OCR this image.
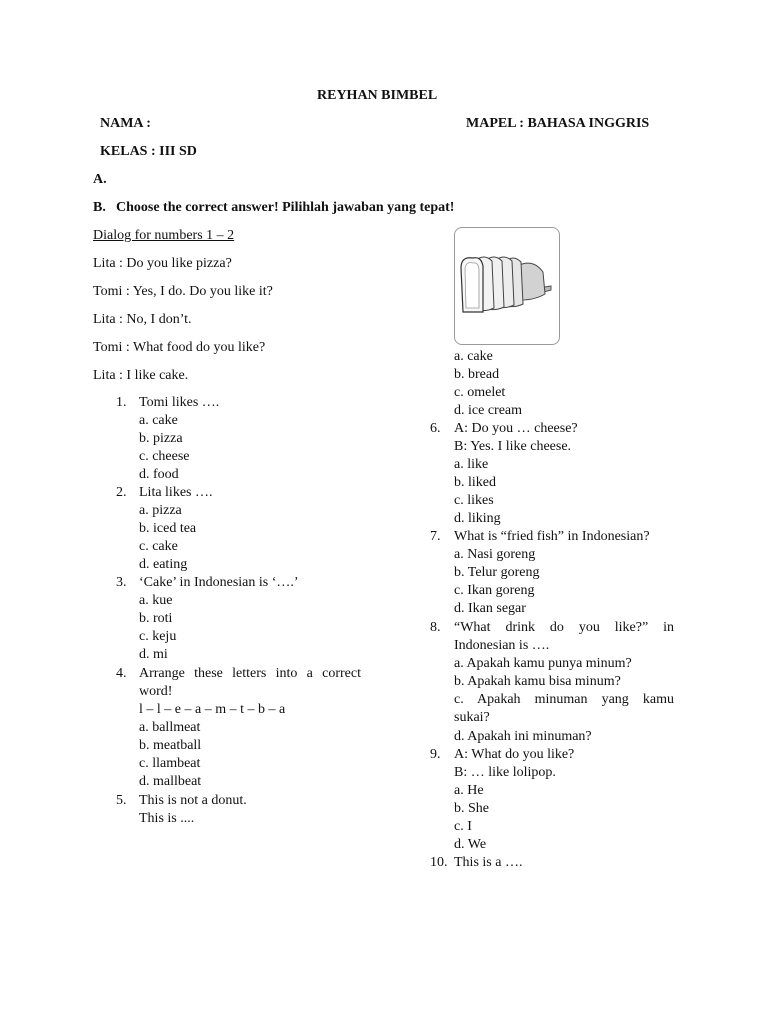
REYHAN BIMBEL
NAMA :	MAPEL : BAHASA INGGRIS
KELAS : III SD
A.
B. Choose the correct answer! Pilihlah jawaban yang tepat!
Dialog for numbers 1 – 2
Lita : Do you like pizza?
Tomi : Yes, I do. Do you like it?
Lita : No, I don’t.
Tomi : What food do you like?
Lita : I like cake.
1. Tomi likes ….
a. cake
b. pizza
c. cheese
d. food
2. Lita likes ….
a. pizza
b. iced tea
c. cake
d. eating
3. ‘Cake’ in Indonesian is ‘….’
a. kue
b. roti
c. keju
d. mi
4. Arrange these letters into a correct
word!
l – l – e – a – m – t – b – a
a. ballmeat
b. meatball
c. llambeat
d. mallbeat
5. This is not a donut.
This is ....
a. cake
b. bread
c. omelet
d. ice cream
6. A: Do you … cheese?
B: Yes. I like cheese.
a. like
b. liked
c. likes
d. liking
7. What is “fried fish” in Indonesian?
a. Nasi goreng
b. Telur goreng
c. Ikan goreng
d. Ikan segar
8. “What drink do you like?” in
Indonesian is ….
a. Apakah kamu punya minum?
b. Apakah kamu bisa minum?
c. Apakah minuman yang kamu
sukai?
d. Apakah ini minuman?
9. A: What do you like?
B: … like lolipop.
a. He
b. She
c. I
d. We
10. This is a ….
